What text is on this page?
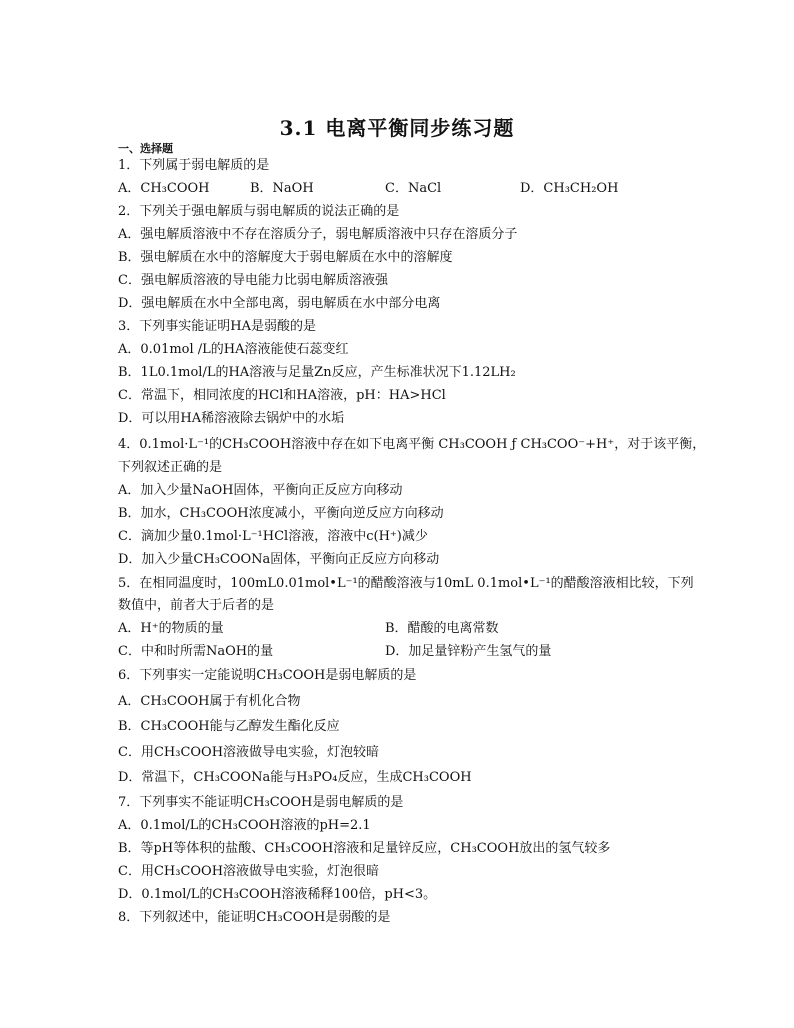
3.1 电离平衡同步练习题
一、选择题
1．下列属于弱电解质的是
A．CH₃COOH	B．NaOH	C．NaCl	D．CH₃CH₂OH
2．下列关于强电解质与弱电解质的说法正确的是
A．强电解质溶液中不存在溶质分子，弱电解质溶液中只存在溶质分子
B．强电解质在水中的溶解度大于弱电解质在水中的溶解度
C．强电解质溶液的导电能力比弱电解质溶液强
D．强电解质在水中全部电离，弱电解质在水中部分电离
3．下列事实能证明HA是弱酸的是
A．0.01mol /L的HA溶液能使石蕊变红
B．1L0.1mol/L的HA溶液与足量Zn反应，产生标准状况下1.12LH₂
C．常温下，相同浓度的HCl和HA溶液，pH：HA>HCl
D．可以用HA稀溶液除去锅炉中的水垢
4．0.1mol·L⁻¹的CH₃COOH溶液中存在如下电离平衡 CH₃COOH ƒ CH₃COO⁻+H⁺，对于该平衡，
下列叙述正确的是
A．加入少量NaOH固体，平衡向正反应方向移动
B．加水，CH₃COOH浓度减小，平衡向逆反应方向移动
C．滴加少量0.1mol·L⁻¹HCl溶液，溶液中c(H⁺)减少
D．加入少量CH₃COONa固体，平衡向正反应方向移动
5．在相同温度时，100mL0.01mol•L⁻¹的醋酸溶液与10mL 0.1mol•L⁻¹的醋酸溶液相比较，下列
数值中，前者大于后者的是
A．H⁺的物质的量	B．醋酸的电离常数
C．中和时所需NaOH的量	D．加足量锌粉产生氢气的量
6．下列事实一定能说明CH₃COOH是弱电解质的是
A．CH₃COOH属于有机化合物
B．CH₃COOH能与乙醇发生酯化反应
C．用CH₃COOH溶液做导电实验，灯泡较暗
D．常温下，CH₃COONa能与H₃PO₄反应，生成CH₃COOH
7．下列事实不能证明CH₃COOH是弱电解质的是
A．0.1mol/L的CH₃COOH溶液的pH=2.1
B．等pH等体积的盐酸、CH₃COOH溶液和足量锌反应，CH₃COOH放出的氢气较多
C．用CH₃COOH溶液做导电实验，灯泡很暗
D．0.1mol/L的CH₃COOH溶液稀释100倍，pH<3。
8．下列叙述中，能证明CH₃COOH是弱酸的是
